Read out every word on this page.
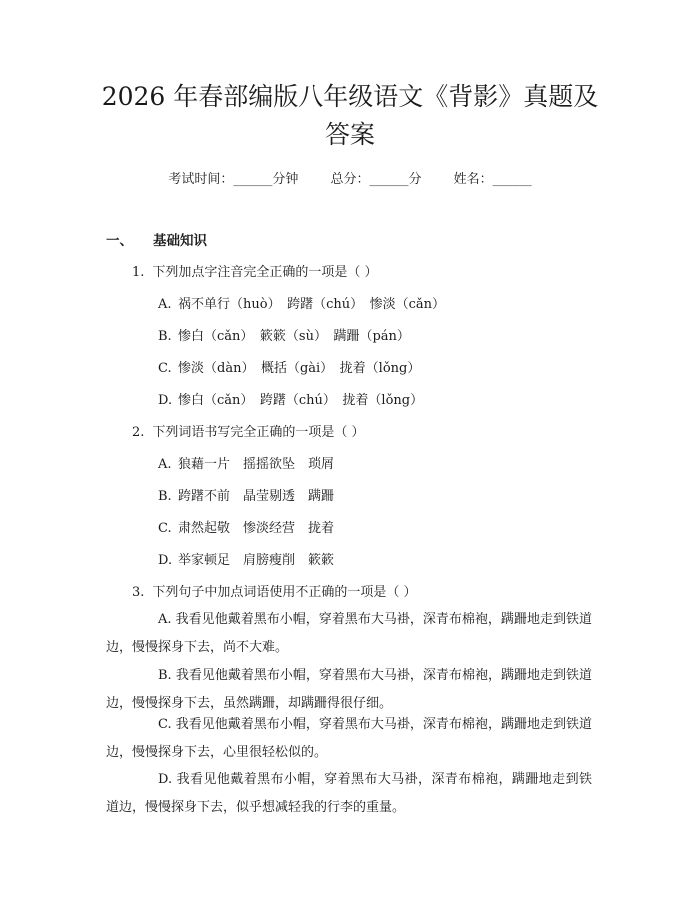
2026 年春部编版八年级语文《背影》真题及答案
考试时间：______分钟 总分：______分 姓名：______
一、 基础知识
1. 下列加点字注音完全正确的一项是（ ）
A. 祸不单行（huò）　跨躇（chú）　惨淡（cǎn）
B. 惨白（cǎn）　簌簌（sù）　蹒跚（pán）
C. 惨淡（dàn）　概括（gài）　拢着（lǒng）
D. 惨白（cǎn）　跨躇（chú）　拢着（lǒng）
2. 下列词语书写完全正确的一项是（ ）
A. 狼藉一片　摇摇欲坠　琐屑
B. 跨躇不前　晶莹剔透　蹒跚
C. 肃然起敬　惨淡经营　拢着
D. 举家顿足　肩膀瘦削　簌簌
3. 下列句子中加点词语使用不正确的一项是（ ）

A. 我看见他戴着黑布小帽，穿着黑布大马褂，深青布棉袍，蹒跚地走到铁道边，慢慢探身下去，尚不大难。

B. 我看见他戴着黑布小帽，穿着黑布大马褂，深青布棉袍，蹒跚地走到铁道边，慢慢探身下去，虽然蹒跚，却蹒跚得很仔细。

C. 我看见他戴着黑布小帽，穿着黑布大马褂，深青布棉袍，蹒跚地走到铁道边，慢慢探身下去，心里很轻松似的。

D. 我看见他戴着黑布小帽，穿着黑布大马褂，深青布棉袍，蹒跚地走到铁道边，慢慢探身下去，似乎想减轻我的行李的重量。
